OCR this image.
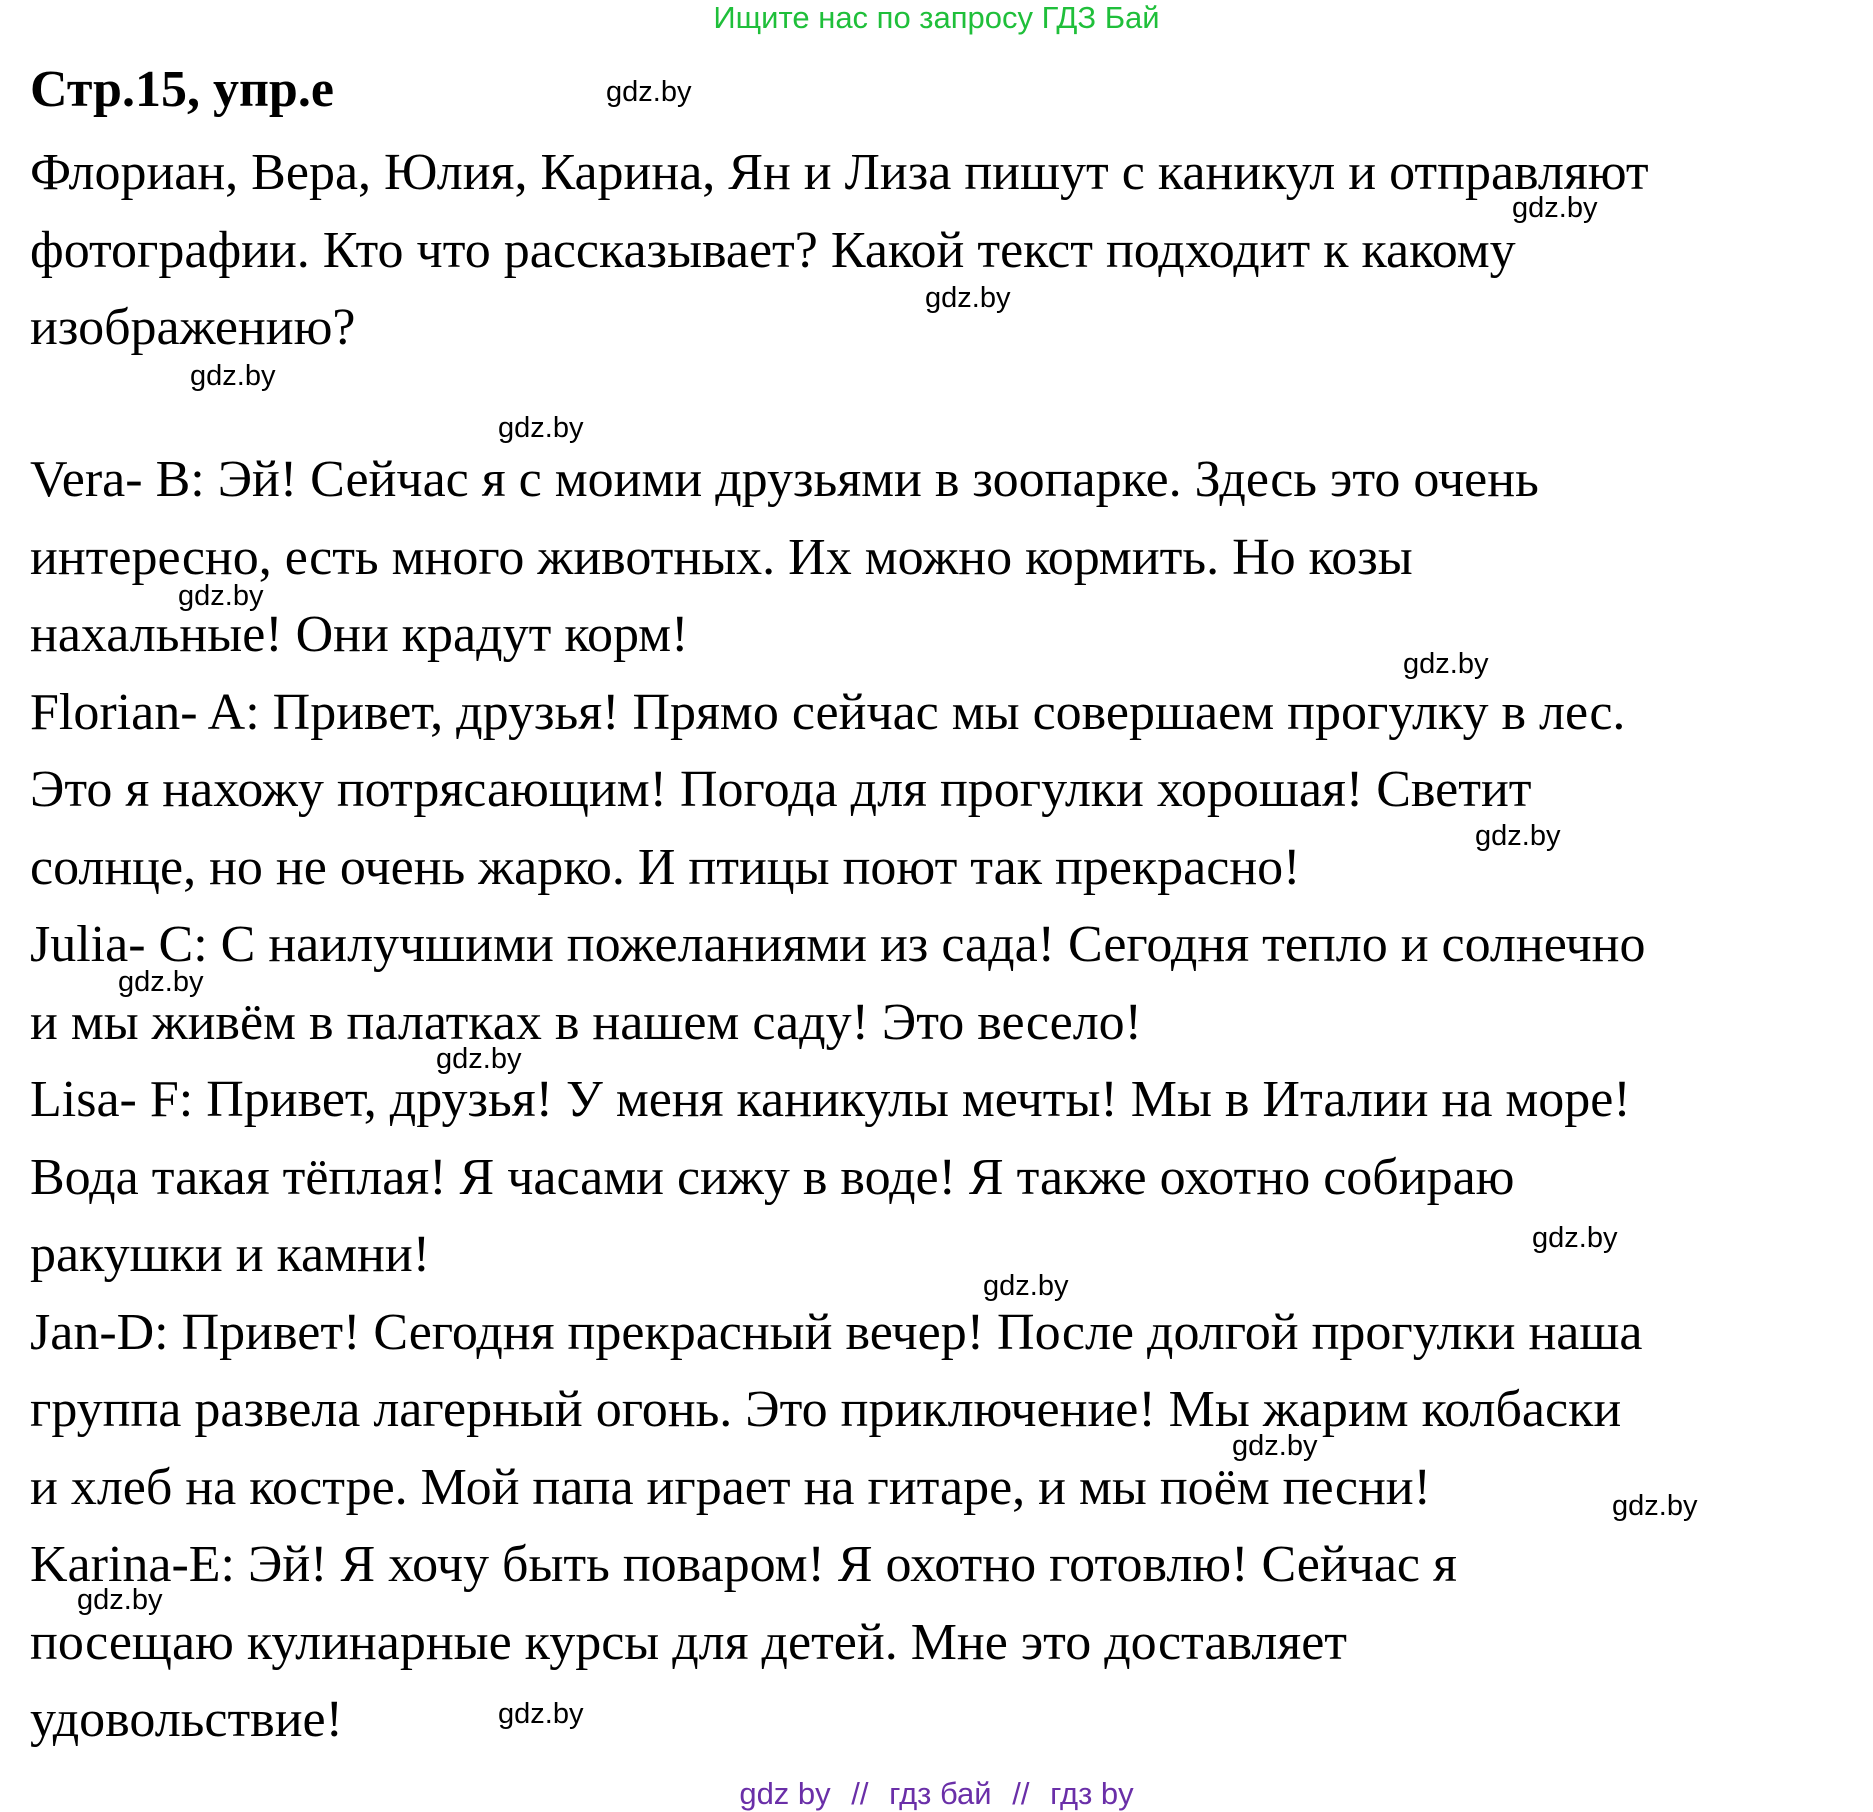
Ищите нас по запросу ГДЗ Бай
Стр.15, упр.е
Флориан, Вера, Юлия, Карина, Ян и Лиза пишут с каникул и отправляют
фотографии. Кто что рассказывает? Какой текст подходит к какому
изображению?
Vera- B: Эй! Сейчас я с моими друзьями в зоопарке. Здесь это очень
интересно, есть много животных. Их можно кормить. Но козы
нахальные! Они крадут корм!
Florian- A: Привет, друзья! Прямо сейчас мы совершаем прогулку в лес.
Это я нахожу потрясающим! Погода для прогулки хорошая! Светит
солнце, но не очень жарко. И птицы поют так прекрасно!
Julia- C: С наилучшими пожеланиями из сада! Сегодня тепло и солнечно
и мы живём в палатках в нашем саду! Это весело!
Lisa- F: Привет, друзья! У меня каникулы мечты! Мы в Италии на море!
Вода такая тёплая! Я часами сижу в воде! Я также охотно собираю
ракушки и камни!
Jan-D: Привет! Сегодня прекрасный вечер! После долгой прогулки наша
группа развела лагерный огонь. Это приключение! Мы жарим колбаски
и хлеб на костре. Мой папа играет на гитаре, и мы поём песни!
Karina-E: Эй! Я хочу быть поваром! Я охотно готовлю! Сейчас я
посещаю кулинарные курсы для детей. Мне это доставляет
удовольствие!
gdz.by
gdz.by
gdz.by
gdz.by
gdz.by
gdz.by
gdz.by
gdz.by
gdz.by
gdz.by
gdz.by
gdz.by
gdz.by
gdz.by
gdz.by
gdz.by
gdz by // гдз бай // гдз by
